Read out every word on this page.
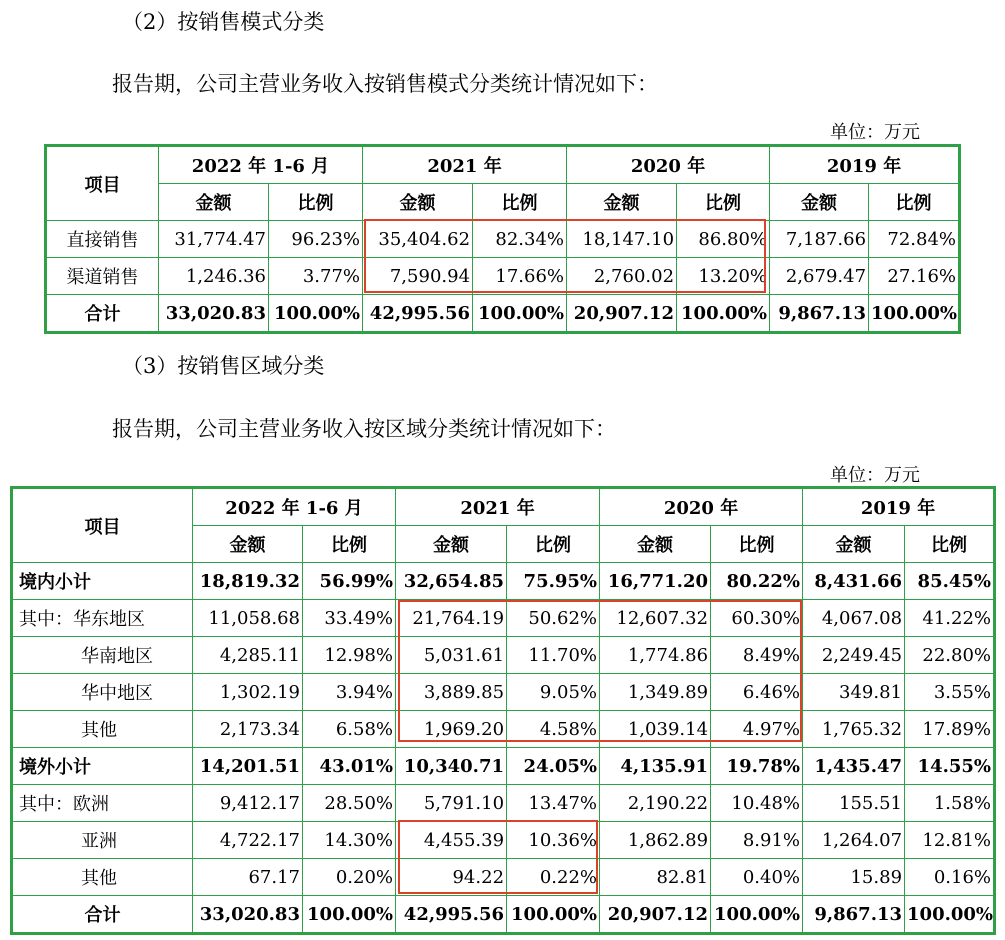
（2）按销售模式分类
报告期，公司主营业务收入按销售模式分类统计情况如下：
单位：万元
项目	2022 年 1-6 月		2021 年		2020 年		2019 年	
	金额	比例	金额	比例	金额	比例	金额	比例
直接销售	31,774.47	96.23%	35,404.62	82.34%	18,147.10	86.80%	7,187.66	72.84%
渠道销售	1,246.36	3.77%	7,590.94	17.66%	2,760.02	13.20%	2,679.47	27.16%
合计	33,020.83	100.00%	42,995.56	100.00%	20,907.12	100.00%	9,867.13	100.00%
（3）按销售区域分类
报告期，公司主营业务收入按区域分类统计情况如下：
单位：万元
项目	2022 年 1-6 月		2021 年		2020 年		2019 年	
	金额	比例	金额	比例	金额	比例	金额	比例
境内小计	18,819.32	56.99%	32,654.85	75.95%	16,771.20	80.22%	8,431.66	85.45%
其中：华东地区	11,058.68	33.49%	21,764.19	50.62%	12,607.32	60.30%	4,067.08	41.22%
华南地区	4,285.11	12.98%	5,031.61	11.70%	1,774.86	8.49%	2,249.45	22.80%
华中地区	1,302.19	3.94%	3,889.85	9.05%	1,349.89	6.46%	349.81	3.55%
其他	2,173.34	6.58%	1,969.20	4.58%	1,039.14	4.97%	1,765.32	17.89%
境外小计	14,201.51	43.01%	10,340.71	24.05%	4,135.91	19.78%	1,435.47	14.55%
其中：欧洲	9,412.17	28.50%	5,791.10	13.47%	2,190.22	10.48%	155.51	1.58%
亚洲	4,722.17	14.30%	4,455.39	10.36%	1,862.89	8.91%	1,264.07	12.81%
其他	67.17	0.20%	94.22	0.22%	82.81	0.40%	15.89	0.16%
合计	33,020.83	100.00%	42,995.56	100.00%	20,907.12	100.00%	9,867.13	100.00%
